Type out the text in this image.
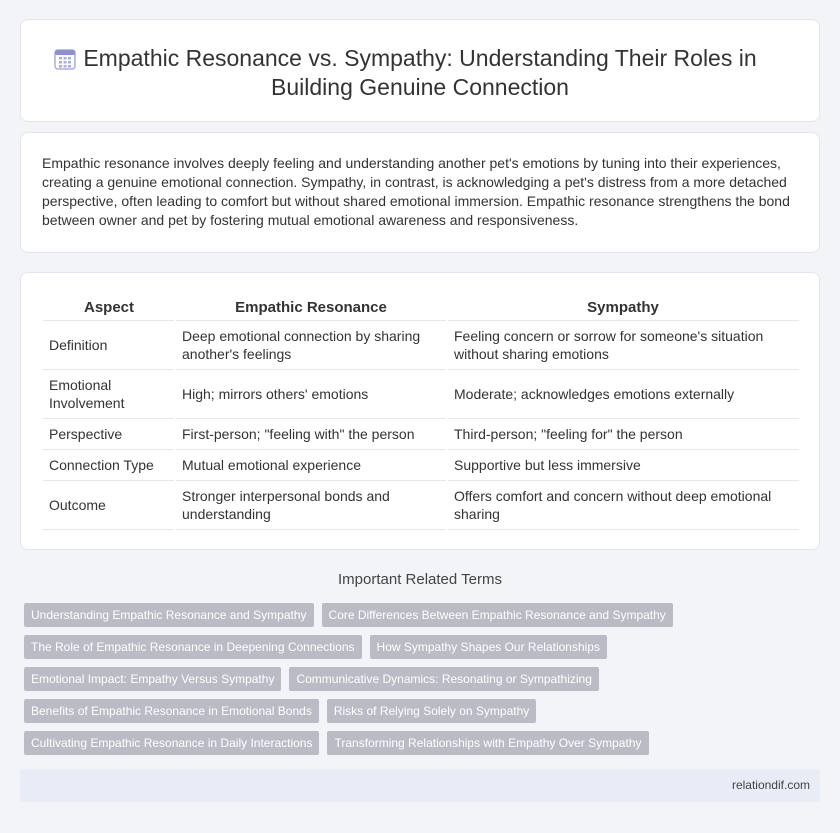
Empathic Resonance vs. Sympathy: Understanding Their Roles in
Building Genuine Connection

Empathic resonance involves deeply feeling and understanding another pet's emotions by tuning into their experiences, creating a genuine emotional connection. Sympathy, in contrast, is acknowledging a pet's distress from a more detached perspective, often leading to comfort but without shared emotional immersion. Empathic resonance strengthens the bond between owner and pet by fostering mutual emotional awareness and responsiveness.

Aspect	Empathic Resonance	Sympathy
Definition	Deep emotional connection by sharing another's feelings	Feeling concern or sorrow for someone's situation without sharing emotions
Emotional Involvement	High; mirrors others' emotions	Moderate; acknowledges emotions externally
Perspective	First-person; "feeling with" the person	Third-person; "feeling for" the person
Connection Type	Mutual emotional experience	Supportive but less immersive
Outcome	Stronger interpersonal bonds and understanding	Offers comfort and concern without deep emotional sharing
Important Related Terms
Understanding Empathic Resonance and Sympathy	Core Differences Between Empathic Resonance and Sympathy
The Role of Empathic Resonance in Deepening Connections	How Sympathy Shapes Our Relationships
Emotional Impact: Empathy Versus Sympathy	Communicative Dynamics: Resonating or Sympathizing
Benefits of Empathic Resonance in Emotional Bonds	Risks of Relying Solely on Sympathy
Cultivating Empathic Resonance in Daily Interactions	Transforming Relationships with Empathy Over Sympathy
relationdif.com
